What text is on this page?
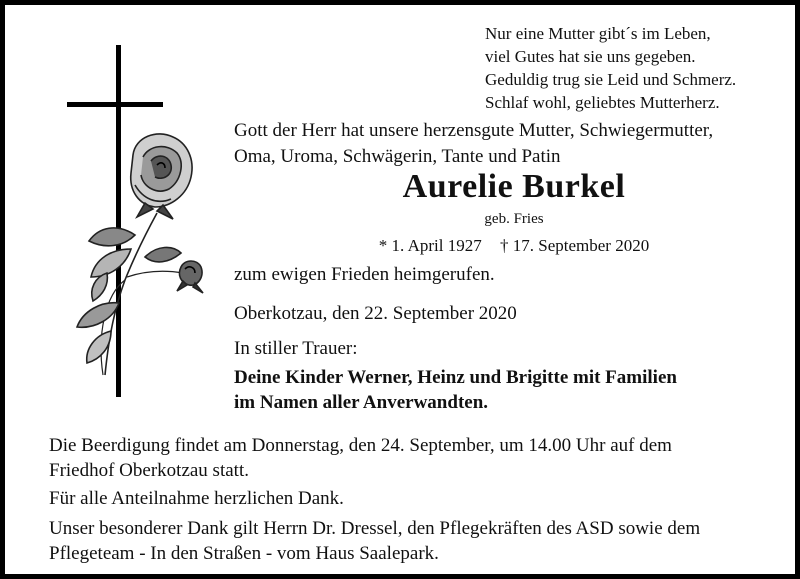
Nur eine Mutter gibt´s im Leben,
viel Gutes hat sie uns gegeben.
Geduldig trug sie Leid und Schmerz.
Schlaf wohl, geliebtes Mutterherz.
Gott der Herr hat unsere herzensgute Mutter, Schwiegermutter,
Oma, Uroma, Schwägerin, Tante und Patin
Aurelie Burkel
geb. Fries
* 1. April 1927 † 17. September 2020
zum ewigen Frieden heimgerufen.
Oberkotzau, den 22. September 2020
In stiller Trauer:
Deine Kinder Werner, Heinz und Brigitte mit Familien
im Namen aller Anverwandten.
Die Beerdigung findet am Donnerstag, den 24. September, um 14.00 Uhr auf dem
Friedhof Oberkotzau statt.
Für alle Anteilnahme herzlichen Dank.
Unser besonderer Dank gilt Herrn Dr. Dressel, den Pflegekräften des ASD sowie dem
Pflegeteam - In den Straßen - vom Haus Saalepark.
